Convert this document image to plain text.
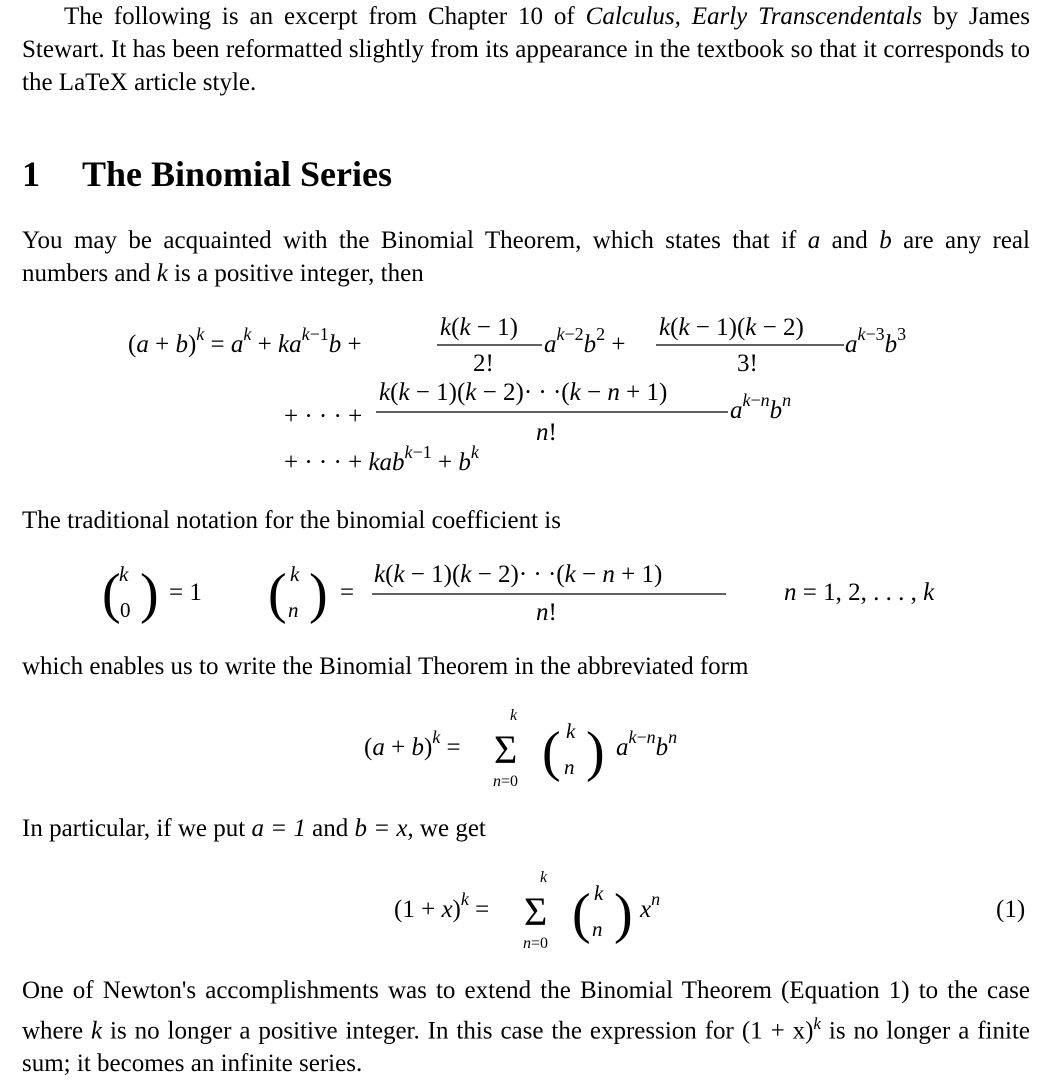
The following is an excerpt from Chapter 10 of Calculus, Early Transcendentals by James Stewart. It has been reformatted slightly from its appearance in the textbook so that it corresponds to the LaTeX article style.

1 The Binomial Series

You may be acquainted with the Binomial Theorem, which states that if a and b are any real numbers and k is a positive integer, then

$(a + b)^k = a^k + ka^{k-1}b$ +
k(k − 1)
2!
$a^{k-2}b^2$ +
k(k − 1)(k − 2)
3!
$a^{k-3}b^3$
+ · · · +
k(k − 1)(k − 2)· · ·(k − n + 1)
n!
$a^{k-n}b^n$
+ · · · + $kab^{k-1} + b^k$

The traditional notation for the binomial coefficient is

(
k
0 ) = 1 ( k
n ) =
k(k − 1)(k − 2)· · ·(k − n + 1)
n!
n = 1, 2, . . . , k

which enables us to write the Binomial Theorem in the abbreviated form

$(a + b)^k$ =
k
Σ
n=0 ( k
n ) $a^{k-n}b^n$

In particular, if we put a = 1 and b = x, we get

$(1 + x)^k$ =
k
Σ
n=0 ( k
n ) $x^n$	(1)

One of Newton's accomplishments was to extend the Binomial Theorem (Equation 1) to the case where k is no longer a positive integer. In this case the expression for $(1 + x)^k$ is no longer a finite sum; it becomes an infinite series.
